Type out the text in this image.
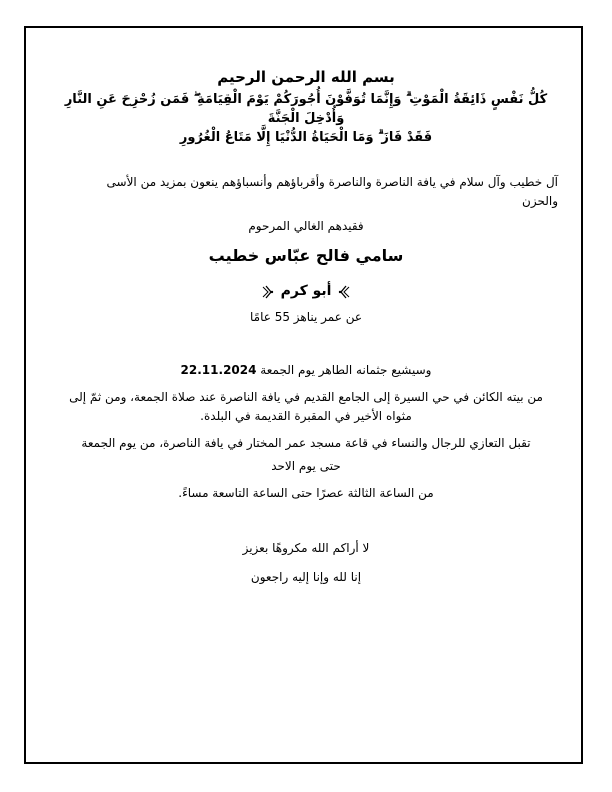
بسم الله الرحمن الرحيم

كُلُّ نَفْسٍ ذَائِقَةُ الْمَوْتِ ۗ وَإِنَّمَا تُوَفَّوْنَ أُجُورَكُمْ يَوْمَ الْقِيَامَةِ ۖ فَمَن زُحْزِحَ عَنِ النَّارِ وَأُدْخِلَ الْجَنَّةَ

فَقَدْ فَازَ ۗ وَمَا الْحَيَاةُ الدُّنْيَا إِلَّا مَتَاعُ الْغُرُورِ

آل خطيب وآل سلام في يافة الناصرة والناصرة وأقرباؤهم وأنسباؤهم ينعون بمزيد من الأسى

والحزن

فقيدهم الغالي المرحوم

سامي فالح عبّاس خطيب

أبو كرم

عن عمر يناهز 55 عامًا

وسيشيع جثمانه الطاهر يوم الجمعة 22.11.2024

من بيته الكائن في حي السيرة إلى الجامع القديم في يافة الناصرة عند صلاة الجمعة، ومن ثمّ إلى

مثواه الأخير في المقبرة القديمة في البلدة.

تقبل التعازي للرجال والنساء في قاعة مسجد عمر المختار في يافة الناصرة، من يوم الجمعة

حتى يوم الاحد

من الساعة الثالثة عصرًا حتى الساعة التاسعة مساءً.

لا أراكم الله مكروهًا بعزيز

إنا لله وإنا إليه راجعون
